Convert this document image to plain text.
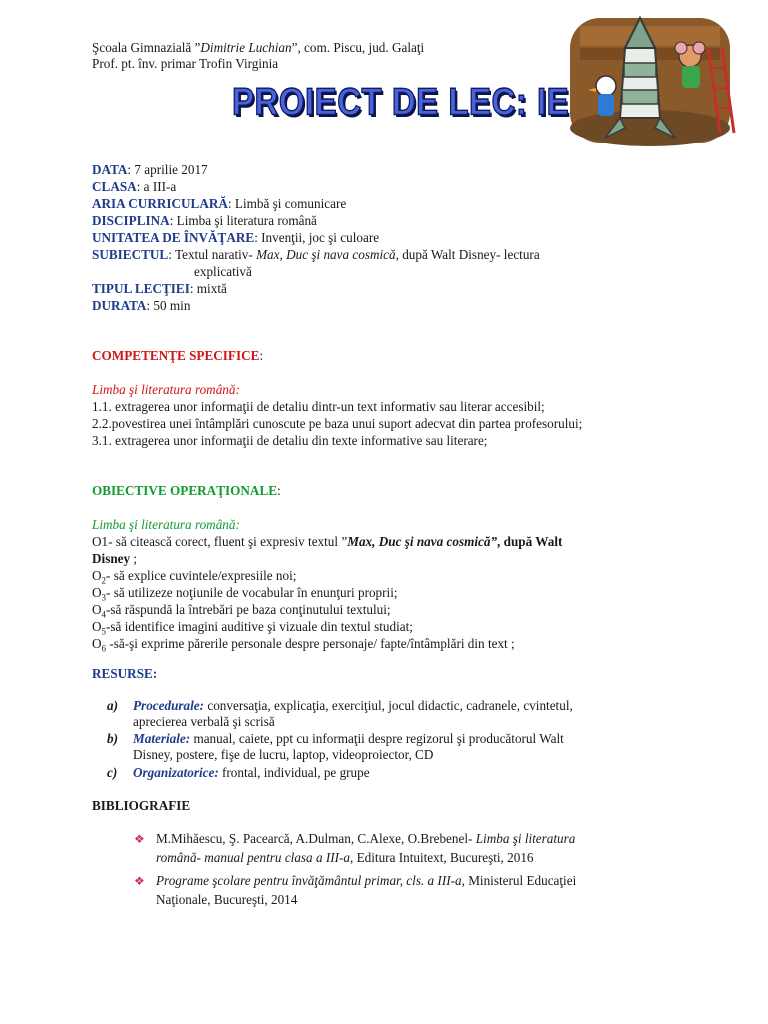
Şcoala Gimnazială ”Dimitrie Luchian”, com. Piscu, jud. Galaţi
Prof. pt. înv. primar Trofin Virginia
PROIECT DE LEC: IE
DATA: 7 aprilie 2017
CLASA: a III-a
ARIA CURRICULARĂ: Limbă şi comunicare
DISCIPLINA: Limba şi literatura română
UNITATEA DE ÎNVĂŢARE: Invenţii, joc şi culoare
SUBIECTUL: Textul narativ- Max, Duc şi nava cosmică, după Walt Disney- lectura
explicativă
TIPUL LECŢIEI: mixtă
DURATA: 50 min
COMPETENŢE SPECIFICE:
Limba şi literatura română:
1.1. extragerea unor informaţii de detaliu dintr-un text informativ sau literar accesibil;
2.2.povestirea unei întâmplări cunoscute pe baza unui suport adecvat din partea profesorului;
3.1. extragerea unor informaţii de detaliu din texte informative sau literare;
OBIECTIVE OPERAŢIONALE:
Limba şi literatura română:
O1- să citească corect, fluent şi expresiv textul ”Max, Duc şi nava cosmică”, după Walt
Disney ;
$O_2-$ să explice cuvintele/expresiile noi;
$O_3-$ să utilizeze noţiunile de vocabular în enunţuri proprii;
$O_4-să$ răspundă la întrebări pe baza conţinutului textului;
$O_5-să$ identifice imagini auditive şi vizuale din textul studiat;
$O_6$ -să-şi exprime părerile personale despre personaje/ fapte/întâmplări din text ;
RESURSE:
a) Procedurale: conversaţia, explicaţia, exerciţiul, jocul didactic, cadranele, cvintetul,
aprecierea verbală şi scrisă
b) Materiale: manual, caiete, ppt cu informaţii despre regizorul şi producătorul Walt
Disney, postere, fişe de lucru, laptop, videoproiector, CD
c) Organizatorice: frontal, individual, pe grupe
BIBLIOGRAFIE
❖ M.Mihăescu, Ş. Pacearcă, A.Dulman, C.Alexe, O.Brebenel- Limba şi literatura
română- manual pentru clasa a III-a, Editura Intuitext, Bucureşti, 2016
❖ Programe şcolare pentru învăţământul primar, cls. a III-a, Ministerul Educaţiei
Naţionale, Bucureşti, 2014
